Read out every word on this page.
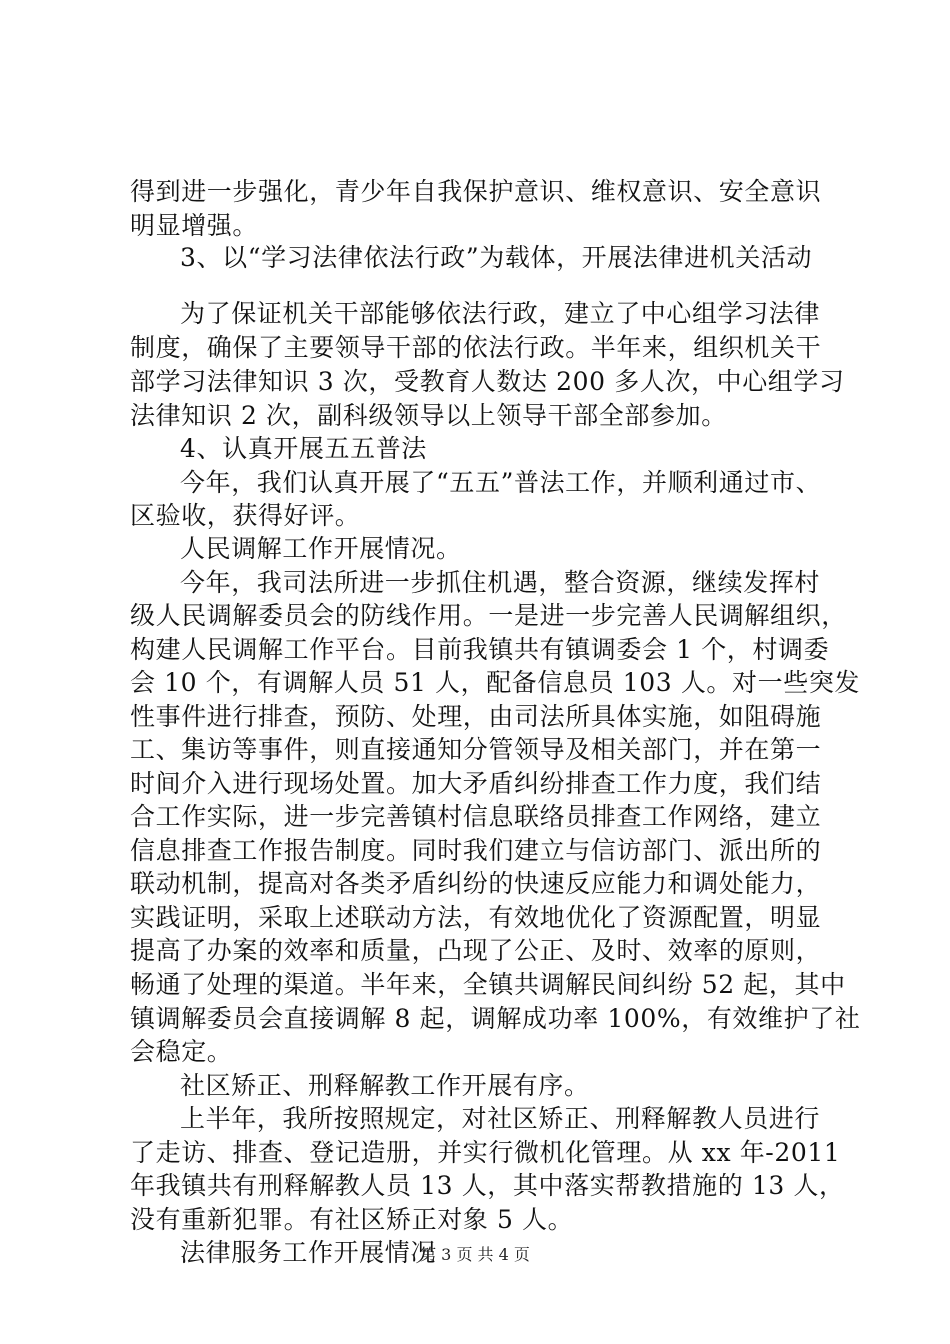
得到进一步强化，青少年自我保护意识、维权意识、安全意识
明显增强。
3、以“学习法律依法行政”为载体，开展法律进机关活动
为了保证机关干部能够依法行政，建立了中心组学习法律
制度，确保了主要领导干部的依法行政。半年来，组织机关干
部学习法律知识 3 次，受教育人数达 200 多人次，中心组学习
法律知识 2 次，副科级领导以上领导干部全部参加。
4、认真开展五五普法
今年，我们认真开展了“五五”普法工作，并顺利通过市、
区验收，获得好评。
人民调解工作开展情况。
今年，我司法所进一步抓住机遇，整合资源，继续发挥村
级人民调解委员会的防线作用。一是进一步完善人民调解组织，
构建人民调解工作平台。目前我镇共有镇调委会 1 个，村调委
会 10 个，有调解人员 51 人，配备信息员 103 人。对一些突发
性事件进行排查，预防、处理，由司法所具体实施，如阻碍施
工、集访等事件，则直接通知分管领导及相关部门，并在第一
时间介入进行现场处置。加大矛盾纠纷排查工作力度，我们结
合工作实际，进一步完善镇村信息联络员排查工作网络，建立
信息排查工作报告制度。同时我们建立与信访部门、派出所的
联动机制，提高对各类矛盾纠纷的快速反应能力和调处能力，
实践证明，采取上述联动方法，有效地优化了资源配置，明显
提高了办案的效率和质量，凸现了公正、及时、效率的原则，
畅通了处理的渠道。半年来，全镇共调解民间纠纷 52 起，其中
镇调解委员会直接调解 8 起，调解成功率 100%，有效维护了社
会稳定。
社区矫正、刑释解教工作开展有序。
上半年，我所按照规定，对社区矫正、刑释解教人员进行
了走访、排查、登记造册，并实行微机化管理。从 xx 年-2011
年我镇共有刑释解教人员 13 人，其中落实帮教措施的 13 人，
没有重新犯罪。有社区矫正对象 5 人。
法律服务工作开展情况
第 3 页 共 4 页
